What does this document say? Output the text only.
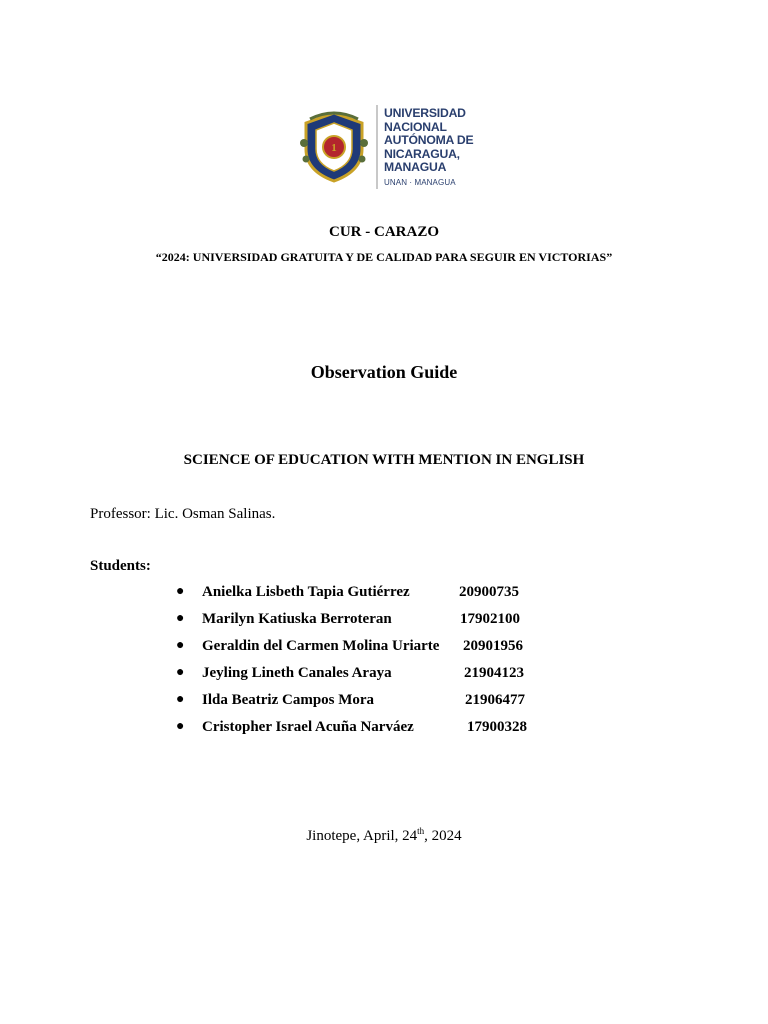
1
UNIVERSIDAD
NACIONAL
AUTÓNOMA DE
NICARAGUA,
MANAGUA
UNAN · MANAGUA
CUR - CARAZO
“2024: UNIVERSIDAD GRATUITA Y DE CALIDAD PARA SEGUIR EN VICTORIAS”
Observation Guide
SCIENCE OF EDUCATION WITH MENTION IN ENGLISH
Professor: Lic. Osman Salinas.
Students:
● Anielka Lisbeth Tapia Gutiérrez	20900735
● Marilyn Katiuska Berroteran	17902100
● Geraldin del Carmen Molina Uriarte 20901956
● Jeyling Lineth Canales Araya	21904123
● Ilda Beatriz Campos Mora	21906477
● Cristopher Israel Acuña Narváez	17900328
Jinotepe, April, 24th, 2024
